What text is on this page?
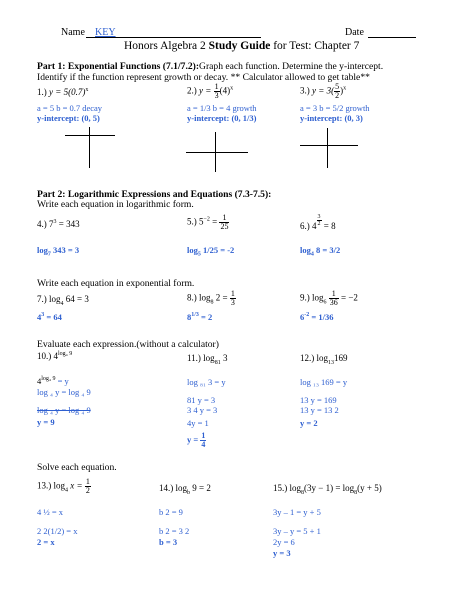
Name KEY	Date
Honors Algebra 2 Study Guide for Test: Chapter 7
Part 1: Exponential Functions (7.1/7.2):Graph each function. Determine the y-intercept.
Identify if the function represent growth or decay. ** Calculator allowed to get table**
1.) $y = 5(0.7)^x$
a = 5 b = 0.7 decay
y-intercept: (0, 5)
2.) $y = \frac{1}{3} (4)^x$
a = 1/3 b = 4 growth
y-intercept: (0, 1/3)
3.) $y = 3( \frac{5}{2} )^x$
a = 3 b = 5/2 growth
y-intercept: (0, 3)
Part 2: Logarithmic Expressions and Equations (7.3-7.5):
Write each equation in logarithmic form.
4.) $7^3 = 343$
$\log_7 343 = 3$
5.) $5^{-2} = \frac{1}{25}$
$\log_5 1/25 = -2$
6.) $4 \frac{3}{2} = 8$
$\log_4 8 = 3/2$
Write each equation in exponential form.
7.) $\log_4 64 = 3$
$4^3 = 64$
8.) $\log_8 2 = \frac{1}{3}$
$8^{1/3} = 2$
9.) $\log_6 \frac{1}{36} = -2$
$6^{-2} = 1/36$
Evaluate each expression.(without a calculator)
10.) $4^{log_4 9}$
$4^{log_4 9} = y$
log ₄ y = log ₄ 9
log ₄ y = log ₄ 9
y = 9
11.) $\log_{81} 3$
log ₈₁ 3 = y
81 y = 3
3 4 y = 3
4y = 1
$y = \frac{1}{4}$
12.) $\log_{13}169$
log ₁₃ 169 = y
13 y = 169
13 y = 13 2
y = 2
Solve each equation.
13.) $\log_4 x = \frac{1}{2}$
4 ½ = x
2 2(1/2) = x
2 = x
14.) $\log_b 9 = 2$
b 2 = 9
b 2 = 3 2
b = 3
15.) $\log_8(3y - 1) = \log_8(y + 5)$
3y – 1 = y + 5
3y – y = 5 + 1
2y = 6
y = 3
